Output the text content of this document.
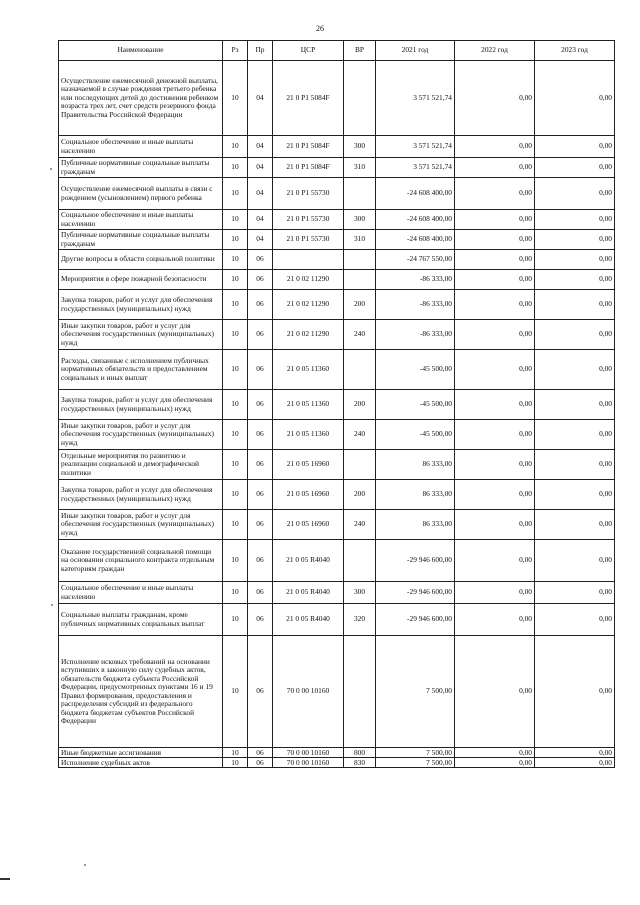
26
Наименование	Рз	Пр	ЦСР	ВР	2021 год	2022 год	2023 год
Осуществление ежемесячной денежной выплаты, назначаемой в случае рождения третьего ребенка или последующих детей до достижения ребенком возраста трех лет, счет средств резервного фонда Правительства Российской Федерации	10	04	21 0 P1 5084F		3 571 521,74	0,00	0,00
Социальное обеспечение и иные выплаты населению	10	04	21 0 P1 5084F	300	3 571 521,74	0,00	0,00
Публичные нормативные социальные выплаты гражданам	10	04	21 0 P1 5084F	310	3 571 521,74	0,00	0,00
Осуществление ежемесячной выплаты в связи с рождением (усыновлением) первого ребенка	10	04	21 0 P1 55730		-24 608 400,00	0,00	0,00
Социальное обеспечение и иные выплаты населению	10	04	21 0 P1 55730	300	-24 608 400,00	0,00	0,00
Публичные нормативные социальные выплаты гражданам	10	04	21 0 P1 55730	310	-24 608 400,00	0,00	0,00
Другие вопросы в области социальной политики	10	06			-24 767 550,00	0,00	0,00
Мероприятия в сфере пожарной безопасности	10	06	21 0 02 11290		-86 333,00	0,00	0,00
Закупка товаров, работ и услуг для обеспечения государственных (муниципальных) нужд	10	06	21 0 02 11290	200	-86 333,00	0,00	0,00
Иные закупки товаров, работ и услуг для обеспечения государственных (муниципальных) нужд	10	06	21 0 02 11290	240	-86 333,00	0,00	0,00
Расходы, связанные с исполнением публичных нормативных обязательств и предоставлением социальных и иных выплат	10	06	21 0 05 11360		-45 500,00	0,00	0,00
Закупка товаров, работ и услуг для обеспечения государственных (муниципальных) нужд	10	06	21 0 05 11360	200	-45 500,00	0,00	0,00
Иные закупки товаров, работ и услуг для обеспечения государственных (муниципальных) нужд	10	06	21 0 05 11360	240	-45 500,00	0,00	0,00
Отдельные мероприятия по развитию и реализации социальной и демографической политики	10	06	21 0 05 16960		86 333,00	0,00	0,00
Закупка товаров, работ и услуг для обеспечения государственных (муниципальных) нужд	10	06	21 0 05 16960	200	86 333,00	0,00	0,00
Иные закупки товаров, работ и услуг для обеспечения государственных (муниципальных) нужд	10	06	21 0 05 16960	240	86 333,00	0,00	0,00
Оказание государственной социальной помощи на основании социального контракта отдельным категориям граждан	10	06	21 0 05 R4040		-29 946 600,00	0,00	0,00
Социальное обеспечение и иные выплаты населению	10	06	21 0 05 R4040	300	-29 946 600,00	0,00	0,00
Социальные выплаты гражданам, кроме публичных нормативных социальных выплат	10	06	21 0 05 R4040	320	-29 946 600,00	0,00	0,00
Исполнение исковых требований на основании вступивших в законную силу судебных актов, обязательств бюджета субъекта Российской Федерации, предусмотренных пунктами 16 и 19 Правил формирования, предоставления и распределения субсидий из федерального бюджета бюджетам субъектов Российской Федерации	10	06	70 0 00 10160		7 500,00	0,00	0,00
Иные бюджетные ассигнования	10	06	70 0 00 10160	800	7 500,00	0,00	0,00
Исполнение судебных актов	10	06	70 0 00 10160	830	7 500,00	0,00	0,00
